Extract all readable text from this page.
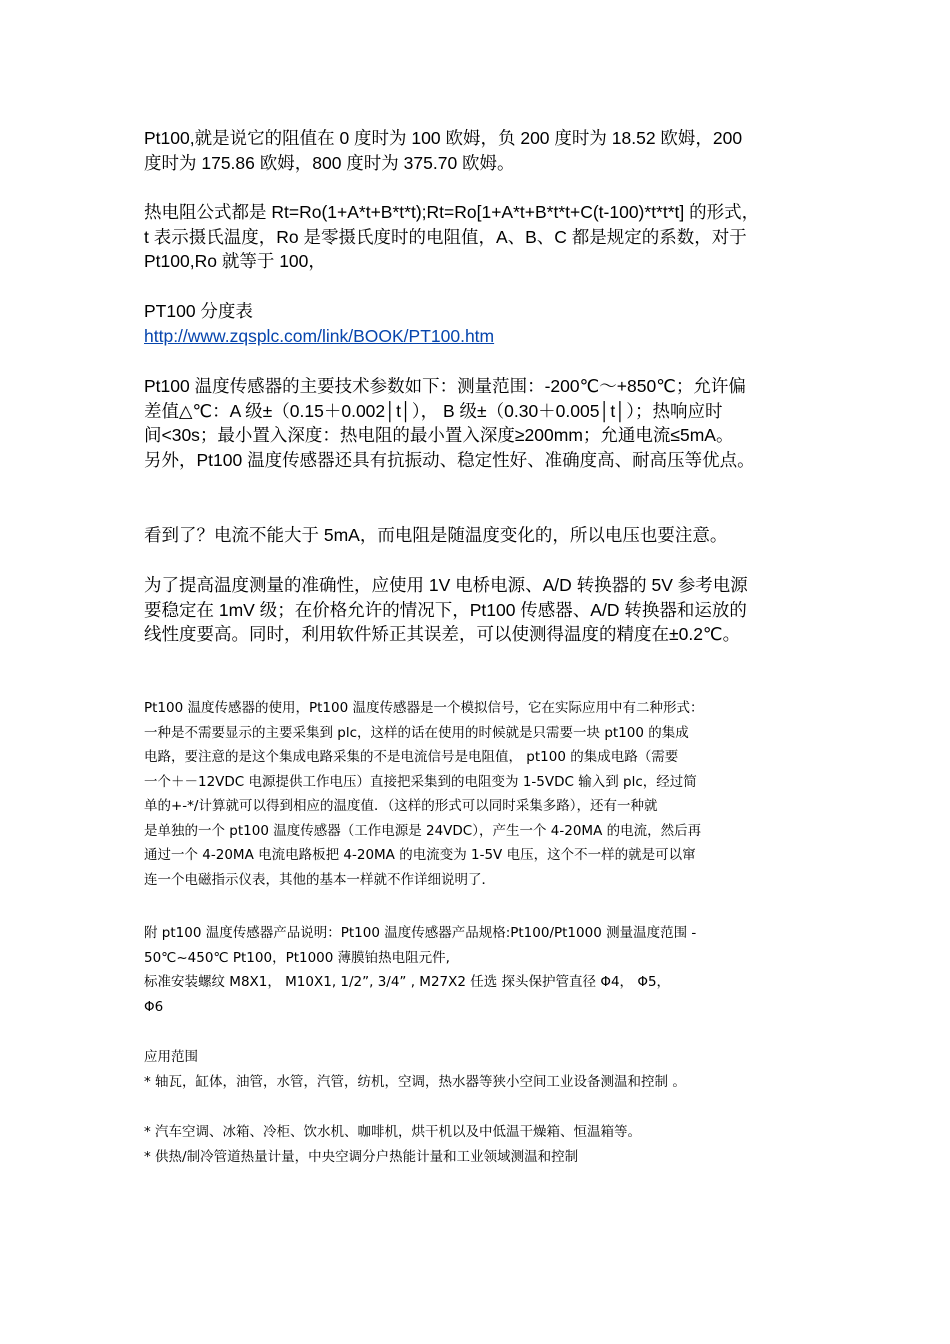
Pt100,就是说它的阻值在 0 度时为 100 欧姆，负 200 度时为 18.52 欧姆，200
度时为 175.86 欧姆，800 度时为 375.70 欧姆。
热电阻公式都是 Rt=Ro(1+A*t+B*t*t);Rt=Ro[1+A*t+B*t*t+C(t-100)*t*t*t] 的形式，
t 表示摄氏温度，Ro 是零摄氏度时的电阻值，A、B、C 都是规定的系数，对于
Pt100,Ro 就等于 100，
PT100 分度表
http://www.zqsplc.com/link/BOOK/PT100.htm
Pt100 温度传感器的主要技术参数如下：测量范围：-200℃～+850℃；允许偏
差值△℃：A 级±（0.15＋0.002│t│）， B 级±（0.30＋0.005│t│）；热响应时
间<30s；最小置入深度：热电阻的最小置入深度≥200mm；允通电流≤5mA。
另外，Pt100 温度传感器还具有抗振动、稳定性好、准确度高、耐高压等优点。
看到了？电流不能大于 5mA，而电阻是随温度变化的，所以电压也要注意。
为了提高温度测量的准确性，应使用 1V 电桥电源、A/D 转换器的 5V 参考电源
要稳定在 1mV 级；在价格允许的情况下，Pt100 传感器、A/D 转换器和运放的
线性度要高。同时，利用软件矫正其误差，可以使测得温度的精度在±0.2℃。
Pt100 温度传感器的使用，Pt100 温度传感器是一个模拟信号，它在实际应用中有二种形式：
一种是不需要显示的主要采集到 plc，这样的话在使用的时候就是只需要一块 pt100 的集成
电路，要注意的是这个集成电路采集的不是电流信号是电阻值， pt100 的集成电路（需要
一个＋－12VDC 电源提供工作电压）直接把采集到的电阻变为 1-5VDC 输入到 plc，经过简
单的+-*/计算就可以得到相应的温度值．（这样的形式可以同时采集多路），还有一种就
是单独的一个 pt100 温度传感器（工作电源是 24VDC），产生一个 4-20MA 的电流，然后再
通过一个 4-20MA 电流电路板把 4-20MA 的电流变为 1-5V 电压，这个不一样的就是可以窜
连一个电磁指示仪表，其他的基本一样就不作详细说明了．
附 pt100 温度传感器产品说明：Pt100 温度传感器产品规格:Pt100/Pt1000 测量温度范围 -
50℃~450℃ Pt100，Pt1000 薄膜铂热电阻元件,
标准安装螺纹 M8X1， M10X1, 1/2”, 3/4” , M27X2 任选 探头保护管直径 Φ4， Φ5，
Φ6
应用范围
* 轴瓦，缸体，油管，水管，汽管，纺机，空调，热水器等狭小空间工业设备测温和控制 。
* 汽车空调、冰箱、冷柜、饮水机、咖啡机，烘干机以及中低温干燥箱、恒温箱等。
* 供热/制冷管道热量计量，中央空调分户热能计量和工业领域测温和控制
